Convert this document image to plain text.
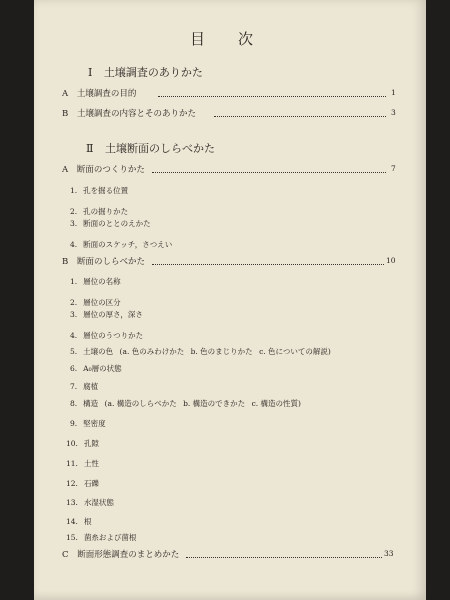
目　　次
Ⅰ 土壌調査のありかた
A 土壌調査の目的	1
B 土壌調査の内容とそのありかた	3
Ⅱ 土壌断面のしらべかた
A 断面のつくりかた	7
1. 孔を掘る位置
2. 孔の掘りかた
3. 断面のととのえかた
4. 断面のスケッチ，さつえい
B 断面のしらべかた	10
1. 層位の名称
2. 層位の区分
3. 層位の厚さ，深さ
4. 層位のうつりかた
5. 土壌の色 (a. 色のみわけかた b. 色のまじりかた c. 色についての解説)
6. A₀層の状態
7. 腐植
8. 構造 (a. 構造のしらべかた b. 構造のできかた c. 構造の性質)
9. 堅密度
10. 孔隙
11. 土性
12. 石礫
13. 水湿状態
14. 根
15. 菌糸および菌根
C 断面形態調査のまとめかた	33
